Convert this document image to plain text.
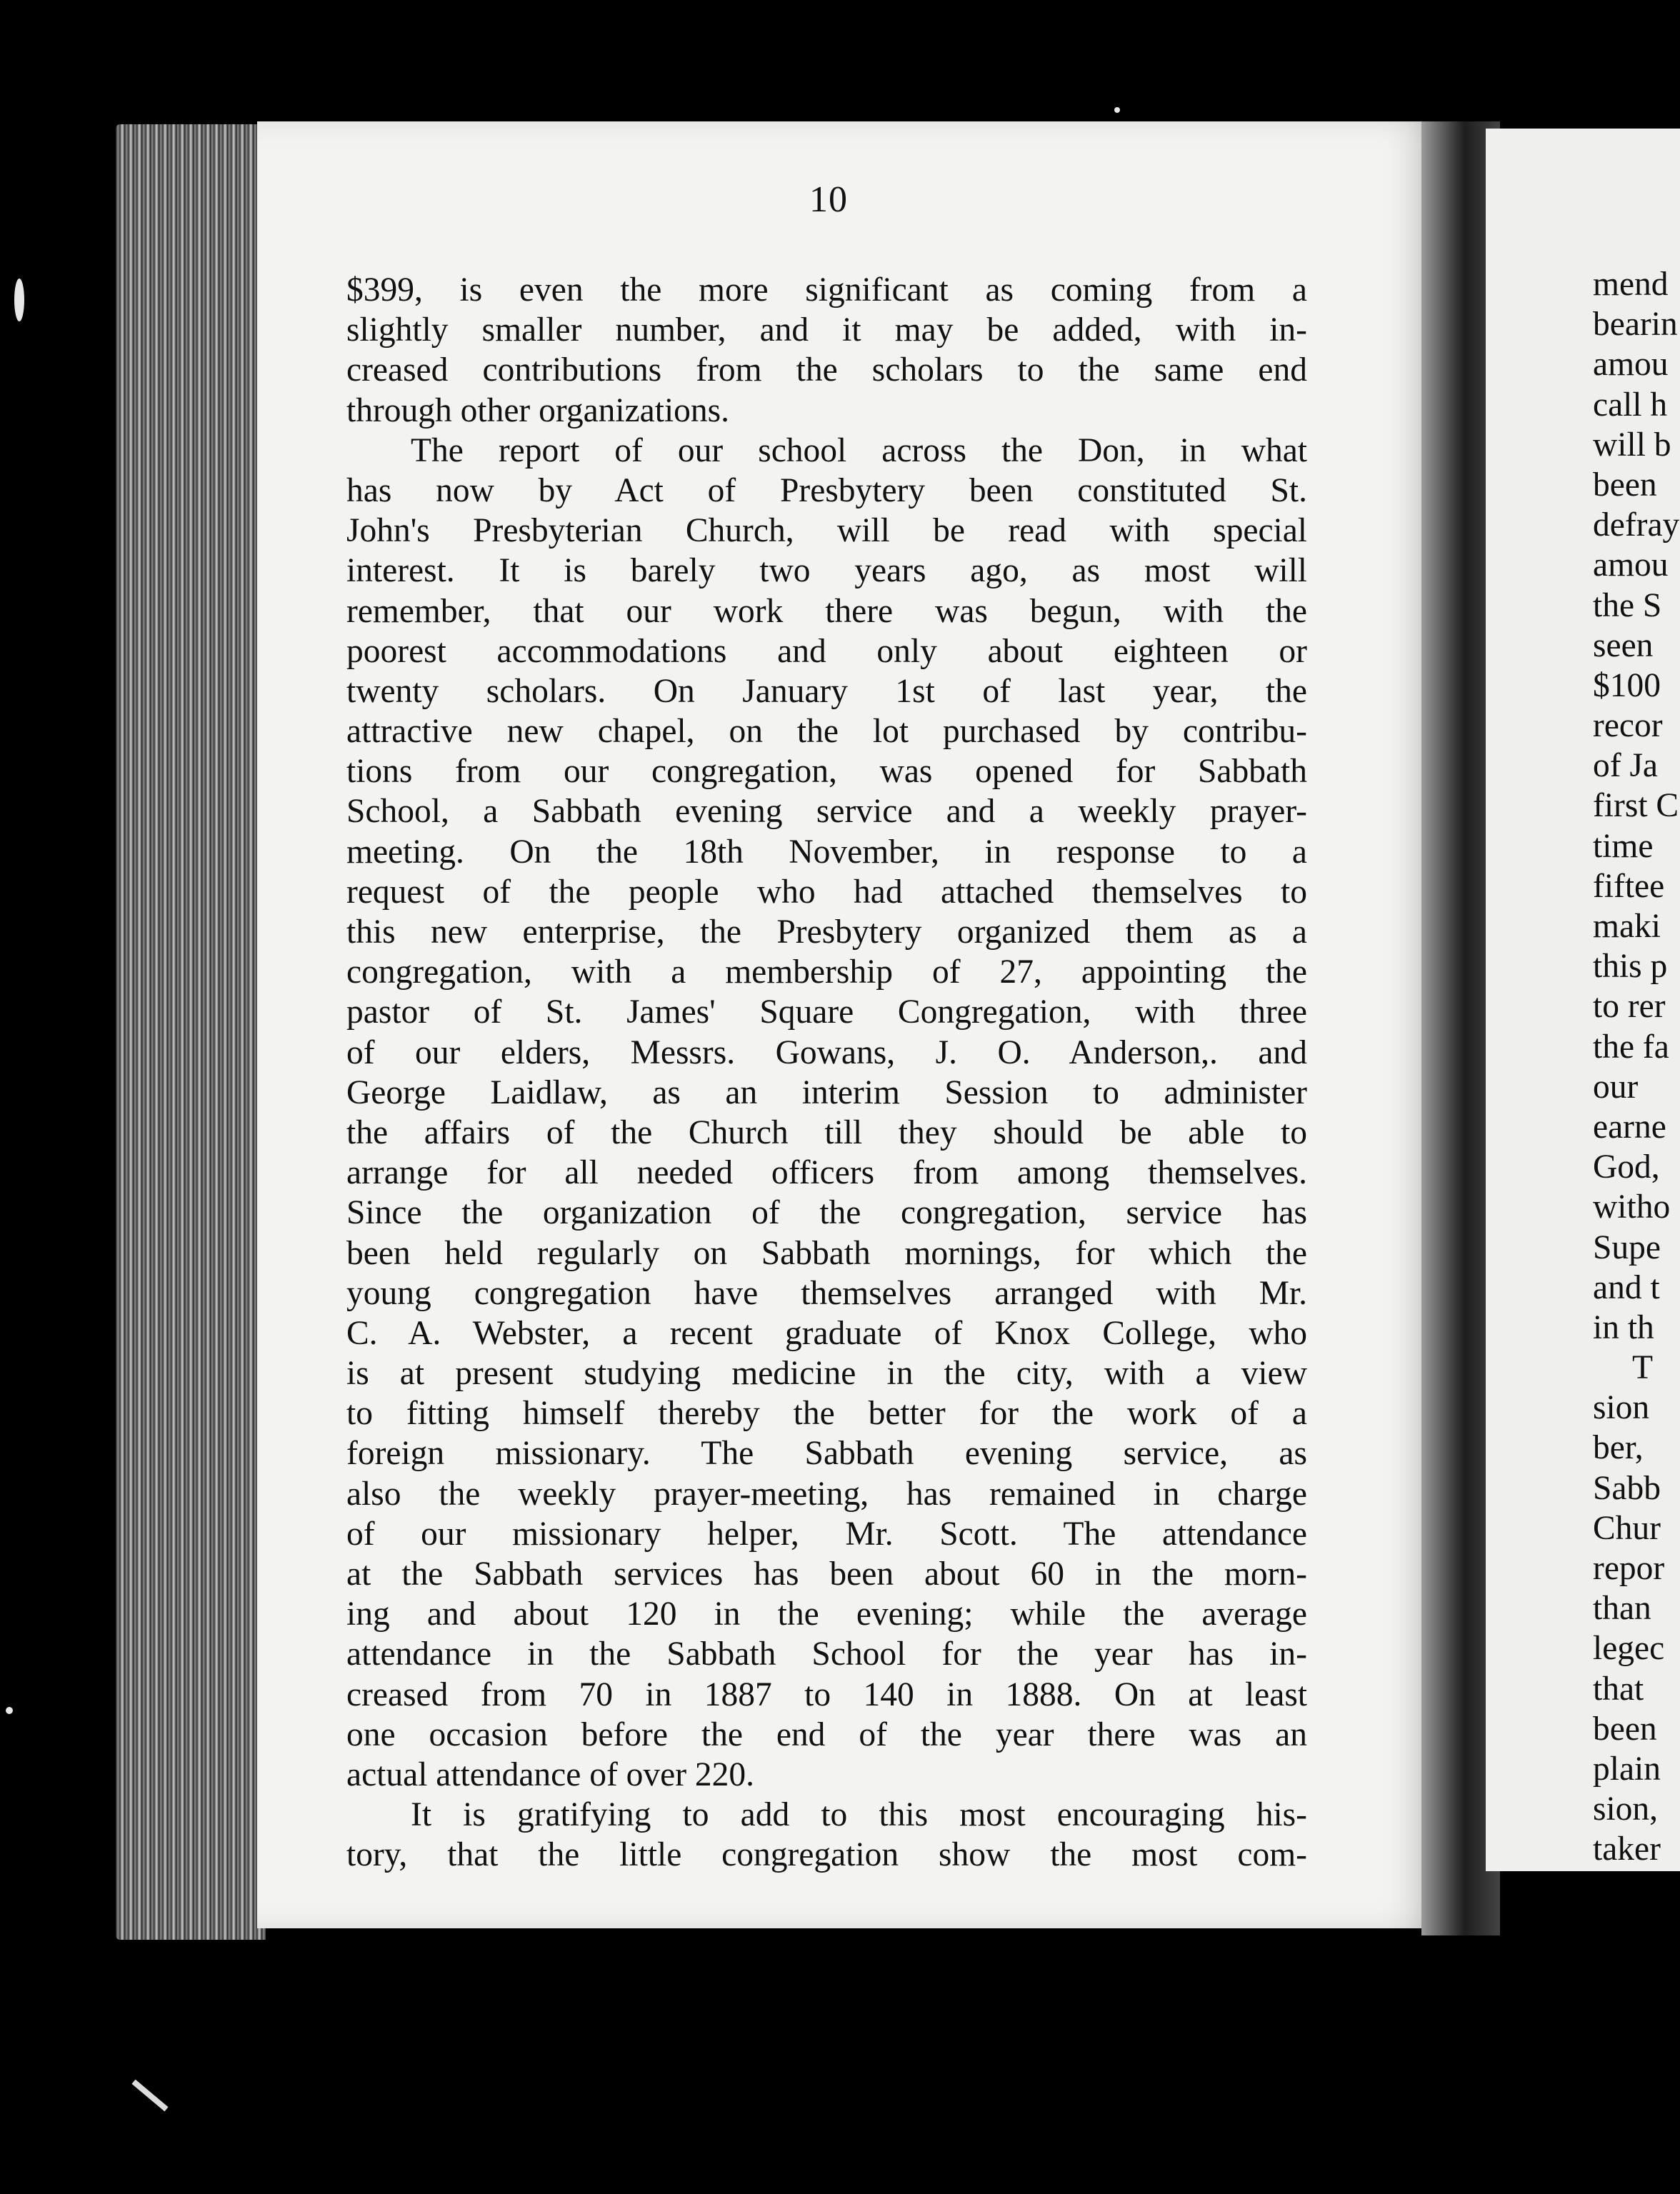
10
$399, is even the more significant as coming from a
slightly smaller number, and it may be added, with in-
creased contributions from the scholars to the same end
through other organizations.
The report of our school across the Don, in what
has now by Act of Presbytery been constituted St.
John's Presbyterian Church, will be read with special
interest. It is barely two years ago, as most will
remember, that our work there was begun, with the
poorest accommodations and only about eighteen or
twenty scholars. On January 1st of last year, the
attractive new chapel, on the lot purchased by contribu-
tions from our congregation, was opened for Sabbath
School, a Sabbath evening service and a weekly prayer-
meeting. On the 18th November, in response to a
request of the people who had attached themselves to
this new enterprise, the Presbytery organized them as a
congregation, with a membership of 27, appointing the
pastor of St. James' Square Congregation, with three
of our elders, Messrs. Gowans, J. O. Anderson,. and
George Laidlaw, as an interim Session to administer
the affairs of the Church till they should be able to
arrange for all needed officers from among themselves.
Since the organization of the congregation, service has
been held regularly on Sabbath mornings, for which the
young congregation have themselves arranged with Mr.
C. A. Webster, a recent graduate of Knox College, who
is at present studying medicine in the city, with a view
to fitting himself thereby the better for the work of a
foreign missionary. The Sabbath evening service, as
also the weekly prayer-meeting, has remained in charge
of our missionary helper, Mr. Scott. The attendance
at the Sabbath services has been about 60 in the morn-
ing and about 120 in the evening; while the average
attendance in the Sabbath School for the year has in-
creased from 70 in 1887 to 140 in 1888. On at least
one occasion before the end of the year there was an
actual attendance of over 220.
It is gratifying to add to this most encouraging his-
tory, that the little congregation show the most com-
mend
bearin
amou
call h
will b
been
defray
amou
the S
seen
$100
recor
of Ja
first C
time
fiftee
maki
this p
to rer
the fa
our
earne
God,
witho
Supe
and t
in th
T
sion
ber,
Sabb
Chur
repor
than
legec
that
been
plain
sion,
taker
